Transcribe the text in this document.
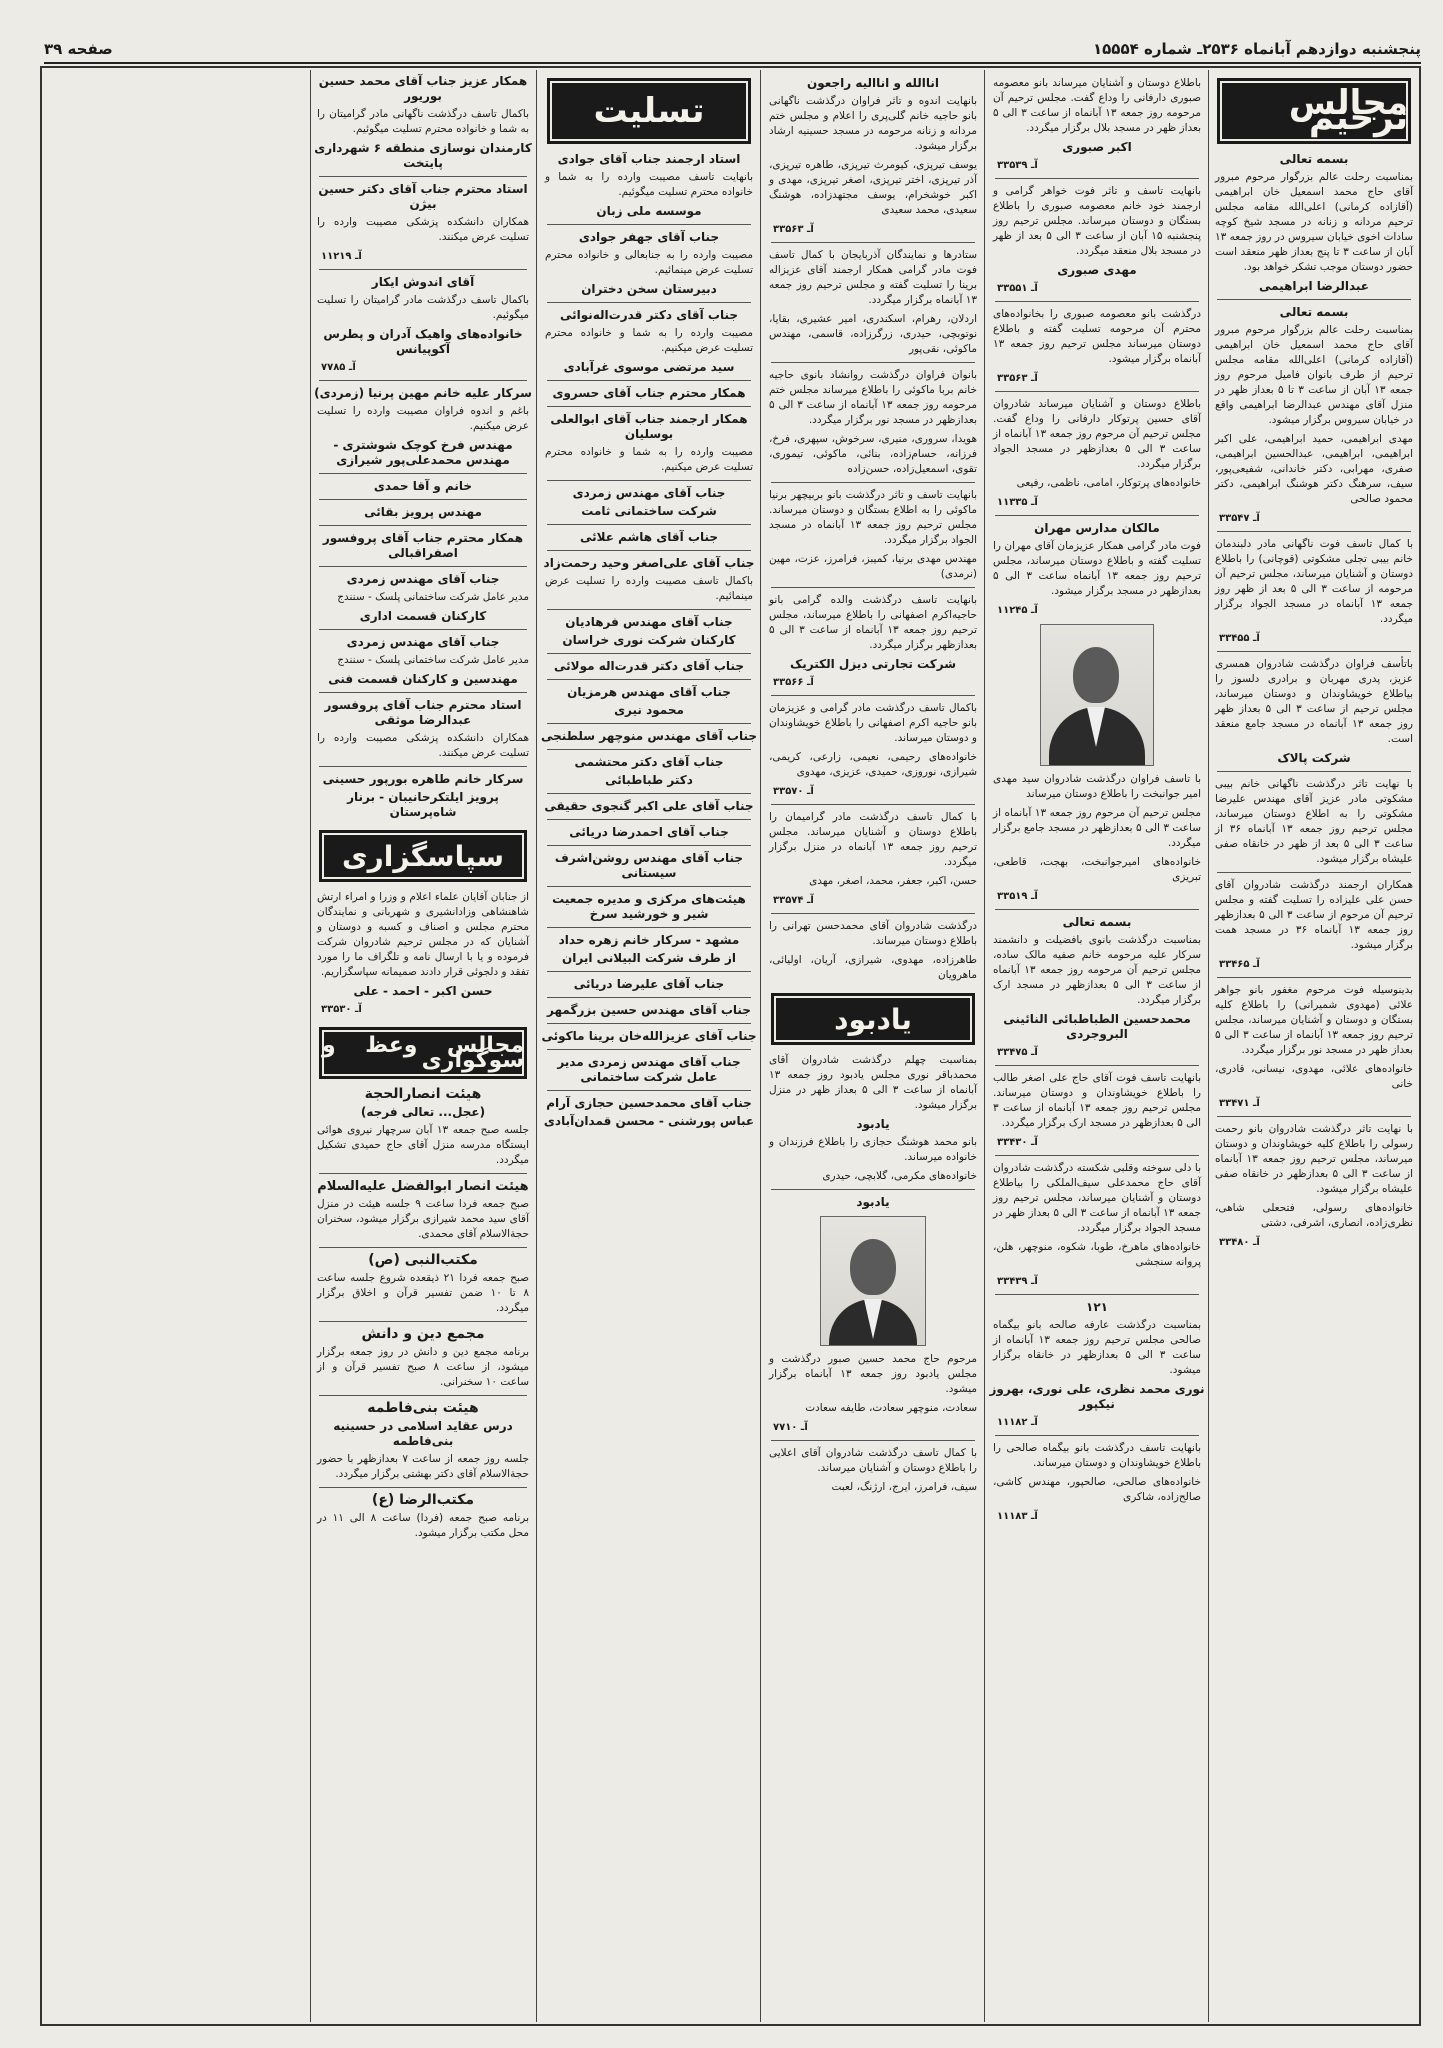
پنجشنبه دوازدهم آبانماه ۲۵۳۶ـ شماره ۱۵۵۵۴
صفحه ۳۹
مجالس ترحیم
بسمه تعالی

بمناسبت رحلت عالم بزرگوار مرحوم مبرور آقای حاج محمد اسمعیل خان ابراهیمی (آقازاده کرمانی) اعلی‌الله مقامه مجلس ترحیم مردانه و زنانه در مسجد شیخ کوچه سادات اخوی خیابان سیروس در روز جمعه ۱۳ آبان از ساعت ۳ تا پنج بعداز ظهر منعقد است حضور دوستان موجب تشکر خواهد بود.

عبدالرضا ابراهیمی
بسمه تعالی

بمناسبت رحلت عالم بزرگوار مرحوم مبرور آقای حاج محمد اسمعیل خان ابراهیمی (آقازاده کرمانی) اعلی‌الله مقامه مجلس ترحیم از طرف بانوان فامیل مرحوم روز جمعه ۱۳ آبان از ساعت ۳ تا ۵ بعداز ظهر در منزل آقای مهندس عبدالرضا ابراهیمی واقع در خیابان سیروس برگزار میشود.

مهدی ابراهیمی، حمید ابراهیمی، علی اکبر ابراهیمی، ابراهیمی، عبدالحسین ابراهیمی، صفری، مهرابی، دکتر خاندانی، شفیعی‌پور، سیف، سرهنگ دکتر هوشنگ ابراهیمی، دکتر محمود صالحی

آـ ۳۳۵۴۷

با کمال تاسف فوت ناگهانی مادر دلبندمان خانم بیبی تجلی مشکوتی (قوچانی) را باطلاع دوستان و آشنایان میرساند، مجلس ترحیم آن مرحومه از ساعت ۳ الی ۵ بعد از ظهر روز جمعه ۱۳ آبانماه در مسجد الجواد برگزار میگردد.

آـ ۳۳۴۵۵

باتأسف فراوان درگذشت شادروان همسری عزیز، پدری مهربان و برادری دلسوز را بیاطلاع خویشاوندان و دوستان میرساند، مجلس ترحیم از ساعت ۳ الی ۵ بعداز ظهر روز جمعه ۱۳ آبانماه در مسجد جامع منعقد است.

شرکت پالاک

با نهایت تاثر درگذشت ناگهانی خانم بیبی مشکوتی مادر عزیز آقای مهندس علیرضا مشکوتی را به اطلاع دوستان میرساند، مجلس ترحیم روز جمعه ۱۳ آبانماه ۳۶ از ساعت ۳ الی ۵ بعد از ظهر در خانقاه صفی علیشاه برگزار میشود.

همکاران ارجمند درگذشت شادروان آقای حسن علی علیزاده را تسلیت گفته و مجلس ترحیم آن مرحوم از ساعت ۳ الی ۵ بعدازظهر روز جمعه ۱۳ آبانماه ۳۶ در مسجد همت برگزار میشود.

آـ ۳۳۴۶۵

بدینوسیله فوت مرحوم مغفور بانو جواهر علائی (مهدوی شمیرانی) را باطلاع کلیه بستگان و دوستان و آشنایان میرساند، مجلس ترحیم روز جمعه ۱۳ آبانماه از ساعت ۳ الی ۵ بعداز ظهر در مسجد نور برگزار میگردد.

خانواده‌های علائی، مهدوی، نیسانی، قادری، خانی

آـ ۳۳۴۷۱

با نهایت تاثر درگذشت شادروان بانو رحمت رسولی را باطلاع کلیه خویشاوندان و دوستان میرساند، مجلس ترحیم روز جمعه ۱۳ آبانماه از ساعت ۳ الی ۵ بعدازظهر در خانقاه صفی علیشاه برگزار میشود.

خانواده‌های رسولی، فتحعلی شاهی، نظری‌زاده، انصاری، اشرفی، دشتی

آـ ۳۳۴۸۰

باطلاع دوستان و آشنایان میرساند بانو معصومه صبوری دارفانی را وداع گفت. مجلس ترحیم آن مرحومه روز جمعه ۱۳ آبانماه از ساعت ۳ الی ۵ بعداز ظهر در مسجد بلال برگزار میگردد.

اکبر صبوری
آـ ۳۳۵۳۹

بانهایت تاسف و تاثر فوت خواهر گرامی و ارجمند خود خانم معصومه صبوری را باطلاع بستگان و دوستان میرساند. مجلس ترحیم روز پنجشنبه ۱۵ آبان از ساعت ۳ الی ۵ بعد از ظهر در مسجد بلال منعقد میگردد.

مهدی صبوری
آـ ۳۳۵۵۱

درگذشت بانو معصومه صبوری را بخانواده‌های محترم آن مرحومه تسلیت گفته و باطلاع دوستان میرساند مجلس ترحیم روز جمعه ۱۳ آبانماه برگزار میشود.

آـ ۳۳۵۶۳

باطلاع دوستان و آشنایان میرساند شادروان آقای حسین پرتوکار دارفانی را وداع گفت. مجلس ترحیم آن مرحوم روز جمعه ۱۳ آبانماه از ساعت ۳ الی ۵ بعدازظهر در مسجد الجواد برگزار میگردد.

خانواده‌های پرتوکار، امامی، ناظمی، رفیعی

آـ ۱۱۳۳۵
مالکان مدارس مهران

فوت مادر گرامی همکار عزیزمان آقای مهران را تسلیت گفته و باطلاع دوستان میرساند، مجلس ترحیم روز جمعه ۱۳ آبانماه ساعت ۳ الی ۵ بعدازظهر در مسجد برگزار میشود.

آـ ۱۱۲۴۵

با تاسف فراوان درگذشت شادروان سید مهدی امیر جوانبخت را باطلاع دوستان میرساند

مجلس ترحیم آن مرحوم روز جمعه ۱۳ آبانماه از ساعت ۳ الی ۵ بعدازظهر در مسجد جامع برگزار میگردد.

خانواده‌های امیرجوانبخت، بهجت، قاطعی، تبریزی

آـ ۳۳۵۱۹
بسمه تعالی

بمناسبت درگذشت بانوی بافضیلت و دانشمند سرکار علیه مرحومه خانم صفیه مالک ساده، مجلس ترحیم آن مرحومه روز جمعه ۱۳ آبانماه از ساعت ۳ الی ۵ بعدازظهر در مسجد ارک برگزار میگردد.

محمدحسین الطباطبائی النائینی البروجردی
آـ ۳۳۴۷۵

بانهایت تاسف فوت آقای حاج علی اصغر طالب را باطلاع خویشاوندان و دوستان میرساند. مجلس ترحیم روز جمعه ۱۳ آبانماه از ساعت ۳ الی ۵ بعدازظهر در مسجد ارک برگزار میگردد.

آـ ۳۳۴۳۰

با دلی سوخته وقلبی شکسته درگذشت شادروان آقای حاج محمدعلی سیف‌الملکی را بیاطلاع دوستان و آشنایان میرساند، مجلس ترحیم روز جمعه ۱۳ آبانماه از ساعت ۳ الی ۵ بعداز ظهر در مسجد الجواد برگزار میگردد.

خانواده‌های ماهرخ، طوبا، شکوه، منوچهر، هلن، پروانه سنجشی

آـ ۳۳۴۳۹
۱۲۱

بمناسبت درگذشت عارفه صالحه بانو بیگماه صالحی مجلس ترحیم روز جمعه ۱۳ آبانماه از ساعت ۳ الی ۵ بعدازظهر در خانقاه برگزار میشود.

نوری محمد نظری، علی نوری، بهروز نیکپور
آـ ۱۱۱۸۲

بانهایت تاسف درگذشت بانو بیگماه صالحی را باطلاع خویشاوندان و دوستان میرساند.

خانواده‌های صالحی، صالحپور، مهندس کاشی، صالح‌زاده، شاکری

آـ ۱۱۱۸۳
اناالله و اناالیه راجعون

بانهایت اندوه و تاثر فراوان درگذشت ناگهانی بانو حاجیه خانم گلی‌پری را اعلام و مجلس ختم مردانه و زنانه مرحومه در مسجد حسینیه ارشاد برگزار میشود.

یوسف تیرپزی، کیومرث تیرپزی، طاهره تیرپزی، آذر تیرپزی، اختر تیرپزی، اصغر تیرپزی، مهدی و اکبر خوشخرام، یوسف مجتهدزاده، هوشنگ سعیدی، محمد سعیدی

آـ ۳۳۵۶۳

ستادرها و نمایندگان آذربایجان با کمال تاسف فوت مادر گرامی همکار ارجمند آقای عزیزاله برینا را تسلیت گفته و مجلس ترحیم روز جمعه ۱۳ آبانماه برگزار میگردد.

اردلان، رهرام، اسکندری، امیر عشیری، بقایا، نوتوبچی، حیدری، زرگرزاده، قاسمی، مهندس ماکوئی، نقی‌پور

بانوان فراوان درگذشت روانشاد بانوی حاجیه خانم بربا ماکوئی را باطلاع میرساند مجلس ختم مرحومه روز جمعه ۱۳ آبانماه از ساعت ۳ الی ۵ بعدازظهر در مسجد نور برگزار میگردد.

هویدا، سروری، منیری، سرخوش، سپهری، فرخ، فرزانه، حسام‌زاده، بنائی، ماکوئی، تیموری، تقوی، اسمعیل‌زاده، حسن‌زاده

بانهایت تاسف و تاثر درگذشت بانو بربیچهر برنیا ماکوئی را به اطلاع بستگان و دوستان میرساند. مجلس ترحیم روز جمعه ۱۳ آبانماه در مسجد الجواد برگزار میگردد.

مهندس مهدی برنیا، کمیبز، فرامرز، عزت، مهین (نرمدی)

بانهایت تاسف درگذشت والده گرامی بانو حاجیه‌اکرم اصفهانی را باطلاع میرساند، مجلس ترحیم روز جمعه ۱۳ آبانماه از ساعت ۳ الی ۵ بعدازظهر برگزار میگردد.

شرکت تجارتی دیزل الکتریک
آـ ۳۳۵۶۶

باکمال تاسف درگذشت مادر گرامی و عزیزمان بانو حاجیه اکرم اصفهانی را باطلاع خویشاوندان و دوستان میرساند.

خانواده‌های رحیمی، نعیمی، زارعی، کریمی، شیرازی، نوروزی، حمیدی، عزیزی، مهدوی

آـ ۳۳۵۷۰

با کمال تاسف درگذشت مادر گرامیمان را باطلاع دوستان و آشنایان میرساند. مجلس ترحیم روز جمعه ۱۳ آبانماه در منزل برگزار میگردد.

حسن، اکبر، جعفر، محمد، اصغر، مهدی

آـ ۳۳۵۷۴

درگذشت شادروان آقای محمدحسن تهرانی را باطلاع دوستان میرساند.

طاهرزاده، مهدوی، شیرازی، آریان، اولیائی، ماهرویان

یادبود

بمناسبت چهلم درگذشت شادروان آقای محمدباقر نوری مجلس یادبود روز جمعه ۱۳ آبانماه از ساعت ۳ الی ۵ بعداز ظهر در منزل برگزار میشود.

یادبود

بانو محمد هوشنگ حجازی را باطلاع فرزندان و خانواده میرساند.

خانواده‌های مکرمی، گلابچی، حیدری

یادبود

مرحوم حاج محمد حسین صبور درگذشت و مجلس یادبود روز جمعه ۱۳ آبانماه برگزار میشود.

سعادت، منوچهر سعادت، طایفه سعادت

آـ ۷۷۱۰

با کمال تاسف درگذشت شادروان آقای اعلایی را باطلاع دوستان و آشنایان میرساند.

سیف، فرامرز، ایرج، ارژنگ، لعبت

تسلیت
استاد ارجمند جناب آقای جوادی

بانهایت تاسف مصیبت وارده را به شما و خانواده محترم تسلیت میگوئیم.

موسسه ملی زبان
جناب آقای جهفر جوادی

مصیبت وارده را به جنابعالی و خانواده محترم تسلیت عرض مینمائیم.

دبیرستان سخن دختران
جناب آقای دکتر قدرت‌اله‌نوائی

مصیبت وارده را به شما و خانواده محترم تسلیت عرض میکنیم.

سید مرتضی موسوی غرآبادی
همکار محترم جناب آقای حسروی
همکار ارجمند جناب آقای ابوالعلی بوسلیان

مصیبت وارده را به شما و خانواده محترم تسلیت عرض میکنیم.

جناب آقای مهندس زمردی
شرکت ساختمانی ثامت
جناب آقای هاشم علائی
جناب آقای علی‌اصغر وحید رحمت‌زاد

باکمال تاسف مصیبت وارده را تسلیت عرض مینمائیم.

جناب آقای مهندس فرهادیان
کارکنان شرکت نوری خراسان
جناب آقای دکتر قدرت‌اله مولائی
جناب آقای مهندس هرمزیان
محمود نیری
جناب آقای مهندس منوچهر سلطنجی
جناب آقای دکتر محتشمی
دکتر طباطبائی
جناب آقای علی اکبر گنجوی حقیقی
جناب آقای احمدرضا دریائی
جناب آقای مهندس روشن‌اشرف سیستانی
هیئت‌های مرکزی و مدیره جمعیت شیر و خورشید سرخ
مشهد - سرکار خانم زهره حداد
از طرف شرکت البیلانی ایران
جناب آقای علیرضا دریائی
جناب آقای مهندس حسین بزرگمهر
جناب آقای عزیزالله‌خان برینا ماکوئی
جناب آقای مهندس زمردی مدیر عامل شرکت ساختمانی
جناب آقای محمدحسین حجازی آرام
عباس پورشنی - محسن قمدان‌آبادی
همکار عزیز جناب آقای محمد حسین بوریور

باکمال تاسف درگذشت ناگهانی مادر گرامیتان را به شما و خانواده محترم تسلیت میگوئیم.

کارمندان نوسازی منطقه ۶ شهرداری پایتخت
استاد محترم جناب آقای دکتر حسین بیژن

همکاران دانشکده پزشکی مصیبت وارده را تسلیت عرض میکنند.

آـ ۱۱۲۱۹
آقای اندوش ایکار

باکمال تاسف درگذشت مادر گرامیتان را تسلیت میگوئیم.

خانواده‌های واهیک آدران و پطرس آکوپیانس
آـ ۷۷۸۵
سرکار علیه خانم مهین پرنیا (زمردی)

باغم و اندوه فراوان مصیبت وارده را تسلیت عرض میکنیم.

مهندس فرخ کوچک شوشتری - مهندس محمدعلی‌پور شیرازی
خانم و آقا حمدی
مهندس پرویز بقائی
همکار محترم جناب آقای پروفسور اصفراقبالی
جناب آقای مهندس زمردی

مدیر عامل شرکت ساختمانی پلسک - سنندج

کارکنان قسمت اداری
جناب آقای مهندس زمردی

مدیر عامل شرکت ساختمانی پلسک - سنندج

مهندسین و کارکنان قسمت فنی
استاد محترم جناب آقای پروفسور عبدالرضا موثقی

همکاران دانشکده پزشکی مصیبت وارده را تسلیت عرض میکنند.

سرکار خانم طاهره بورپور حسینی
پرویز ایلتکرحانیبان - برنار شاه‌پرستان
سپاسگزاری

از جنابان آقایان علماء اعلام و وزرا و امراء ارتش شاهنشاهی وزادانشیری و شهربانی و نمایندگان محترم مجلس و اصناف و کسبه و دوستان و آشنایان که در مجلس ترحیم شادروان شرکت فرموده و یا با ارسال نامه و تلگراف ما را مورد تفقد و دلجوئی قرار دادند صمیمانه سپاسگزاریم.

حسن اکبر - احمد - علی
آـ ۳۳۵۳۰
مجالس وعظ و سوگواری
هیئت انصارالحجة
(عجل... تعالی فرجه)

جلسه صبح جمعه ۱۳ آبان سرچهار نیروی هوائی ایستگاه مدرسه منزل آقای حاج حمیدی تشکیل میگردد.

هیئت انصار ابوالفضل علیه‌السلام

صبح جمعه فردا ساعت ۹ جلسه هیئت در منزل آقای سید محمد شیرازی برگزار میشود، سخنران حجة‌الاسلام آقای محمدی.

مکتب‌النبی (ص)

صبح جمعه فردا ۲۱ ذیقعده شروع جلسه ساعت ۸ تا ۱۰ ضمن تفسیر قرآن و اخلاق برگزار میگردد.

مجمع دین و دانش

برنامه مجمع دین و دانش در روز جمعه برگزار میشود، از ساعت ۸ صبح تفسیر قرآن و از ساعت ۱۰ سخنرانی.

هیئت بنی‌فاطمه
درس عقاید اسلامی در حسینیه بنی‌فاطمه

جلسه روز جمعه از ساعت ۷ بعدازظهر با حضور حجة‌الاسلام آقای دکتر بهشتی برگزار میگردد.

مکتب‌الرضا (ع)

برنامه صبح جمعه (فردا) ساعت ۸ الی ۱۱ در محل مکتب برگزار میشود.
